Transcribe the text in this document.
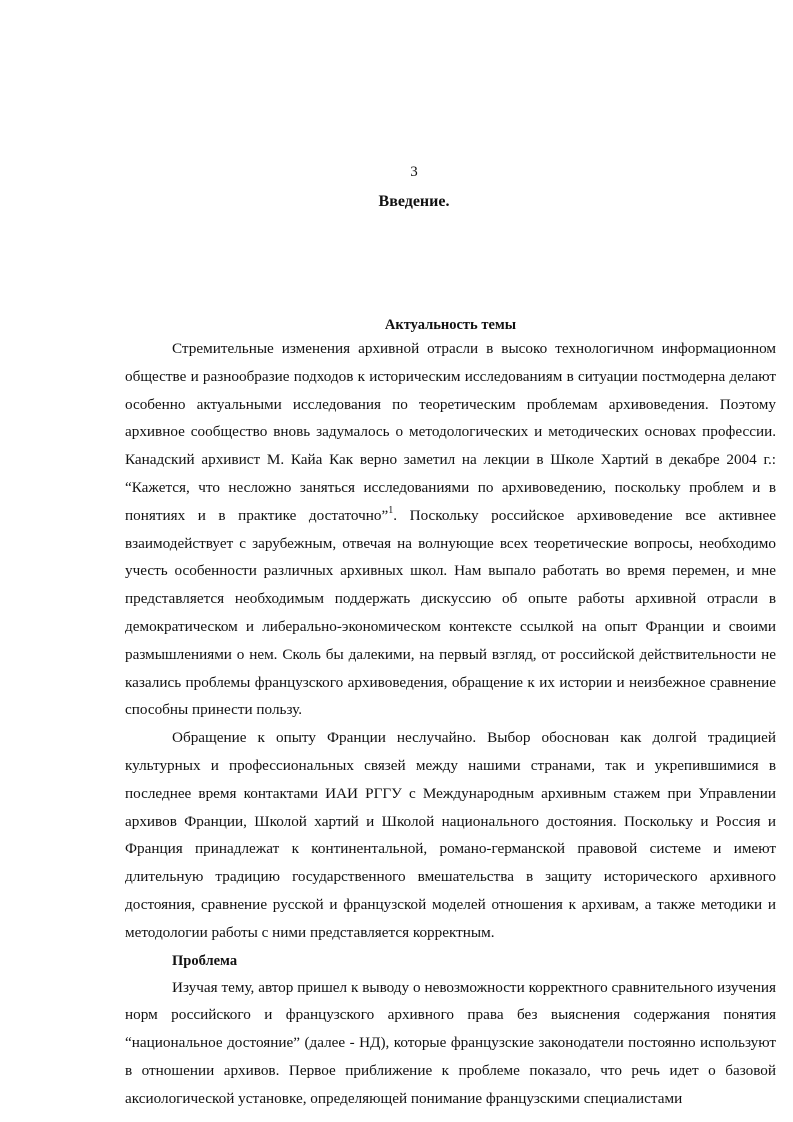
3
Введение.
Актуальность темы

Стремительные изменения архивной отрасли в высоко технологичном информационном обществе и разнообразие подходов к историческим исследованиям в ситуации постмодерна делают особенно актуальными исследования по теоретическим проблемам архивоведения. Поэтому архивное сообщество вновь задумалось о методологических и методических основах профессии. Канадский архивист М. Кайа Как верно заметил на лекции в Школе Хартий в декабре 2004 г.: “Кажется, что несложно заняться исследованиями по архивоведению, поскольку проблем и в понятиях и в практике достаточно”$^1$. Поскольку российское архивоведение все активнее взаимодействует с зарубежным, отвечая на волнующие всех теоретические вопросы, необходимо учесть особенности различных архивных школ. Нам выпало работать во время перемен, и мне представляется необходимым поддержать дискуссию об опыте работы архивной отрасли в демократическом и либерально-экономическом контексте ссылкой на опыт Франции и своими размышлениями о нем. Сколь бы далекими, на первый взгляд, от российской действительности не казались проблемы французского архивоведения, обращение к их истории и неизбежное сравнение способны принести пользу.

Обращение к опыту Франции неслучайно. Выбор обоснован как долгой традицией культурных и профессиональных связей между нашими странами, так и укрепившимися в последнее время контактами ИАИ РГГУ с Международным архивным стажем при Управлении архивов Франции, Школой хартий и Школой национального достояния. Поскольку и Россия и Франция принадлежат к континентальной, романо-германской правовой системе и имеют длительную традицию государственного вмешательства в защиту исторического архивного достояния, сравнение русской и французской моделей отношения к архивам, а также методики и методологии работы с ними представляется корректным.

Проблема

Изучая тему, автор пришел к выводу о невозможности корректного сравнительного изучения норм российского и французского архивного права без выяснения содержания понятия “национальное достояние” (далее - НД), которые французские законодатели постоянно используют в отношении архивов. Первое приближение к проблеме показало, что речь идет о базовой аксиологической установке, определяющей понимание французскими специалистами
